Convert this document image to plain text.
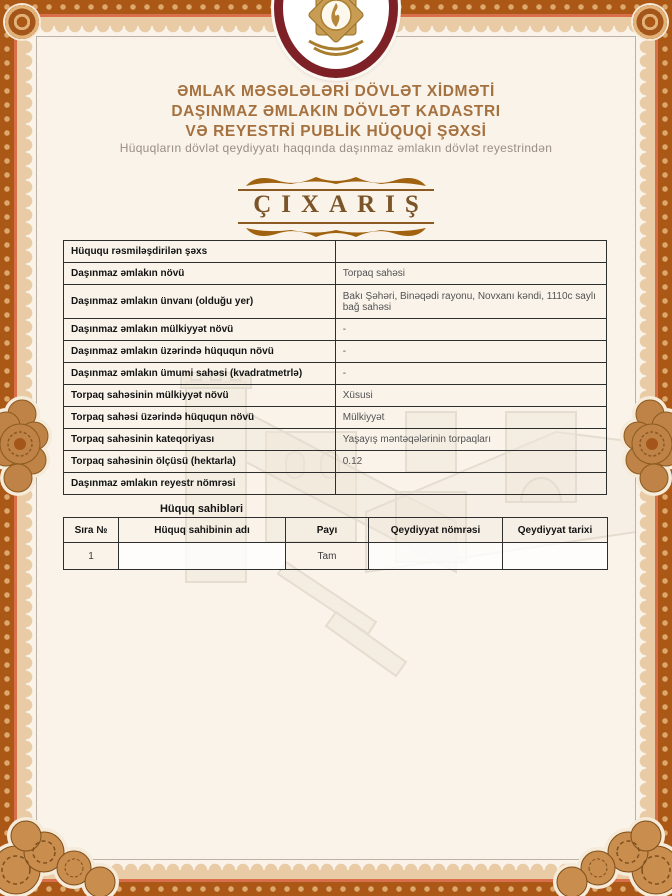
ƏMLAK MƏSƏLƏLƏRİ DÖVLƏT XİDMƏTİ
DAŞINMAZ ƏMLAKIN DÖVLƏT KADASTRI
VƏ REYESTRİ PUBLİK HÜQUQİ ŞƏXSİ
Hüquqların dövlət qeydiyyatı haqqında daşınmaz əmlakın dövlət reyestrindən
ÇIXARIŞ
Hüququ rəsmiləşdirilən şəxs	
Daşınmaz əmlakın növü	Torpaq sahəsi
Daşınmaz əmlakın ünvanı (olduğu yer)	Bakı Şəhəri, Binəqədi rayonu, Novxanı kəndi, 1110c saylı bağ sahəsi
Daşınmaz əmlakın mülkiyyət növü	-
Daşınmaz əmlakın üzərində hüququn növü	-
Daşınmaz əmlakın ümumi sahəsi (kvadratmetrlə)	-
Torpaq sahəsinin mülkiyyət növü	Xüsusi
Torpaq sahəsi üzərində hüququn növü	Mülkiyyət
Torpaq sahəsinin kateqoriyası	Yaşayış məntəqələrinin torpaqları
Torpaq sahəsinin ölçüsü (hektarla)	0.12
Daşınmaz əmlakın reyestr nömrəsi	
Hüquq sahibləri
Sıra №	Hüquq sahibinin adı	Payı	Qeydiyyat nömrəsi	Qeydiyyat tarixi
1		Tam		
